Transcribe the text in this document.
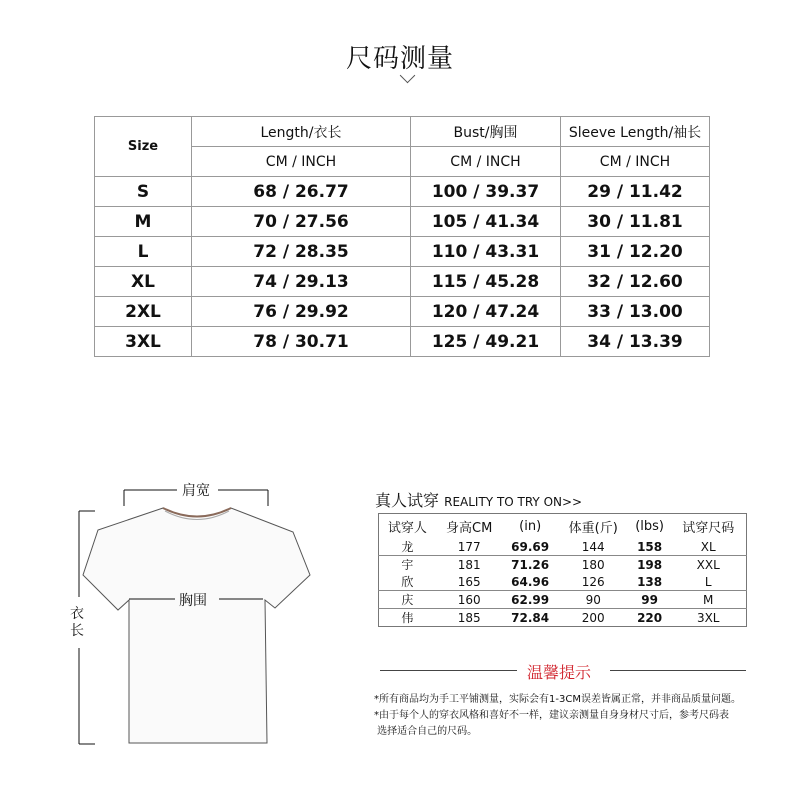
尺码测量
Size	Length/衣长	Bust/胸围	Sleeve Length/袖长
	CM / INCH	CM / INCH	CM / INCH
S	68 / 26.77	100 / 39.37	29 / 11.42
M	70 / 27.56	105 / 41.34	30 / 11.81
L	72 / 28.35	110 / 43.31	31 / 12.20
XL	74 / 29.13	115 / 45.28	32 / 12.60
2XL	76 / 29.92	120 / 47.24	33 / 13.00
3XL	78 / 30.71	125 / 49.21	34 / 13.39
肩宽
胸围
衣
长
真人试穿 REALITY TO TRY ON>>
试穿人	身高CM	(in)	体重(斤)	(lbs)	试穿尺码
龙	177	69.69	144	158	XL
宇	181	71.26	180	198	XXL
欣	165	64.96	126	138	L
庆	160	62.99	90	99	M
伟	185	72.84	200	220	3XL
温馨提示
*所有商品均为手工平铺测量，实际会有1-3CM误差皆属正常，并非商品质量问题。
*由于每个人的穿衣风格和喜好不一样，建议亲测量自身身材尺寸后，参考尺码表
选择适合自己的尺码。
